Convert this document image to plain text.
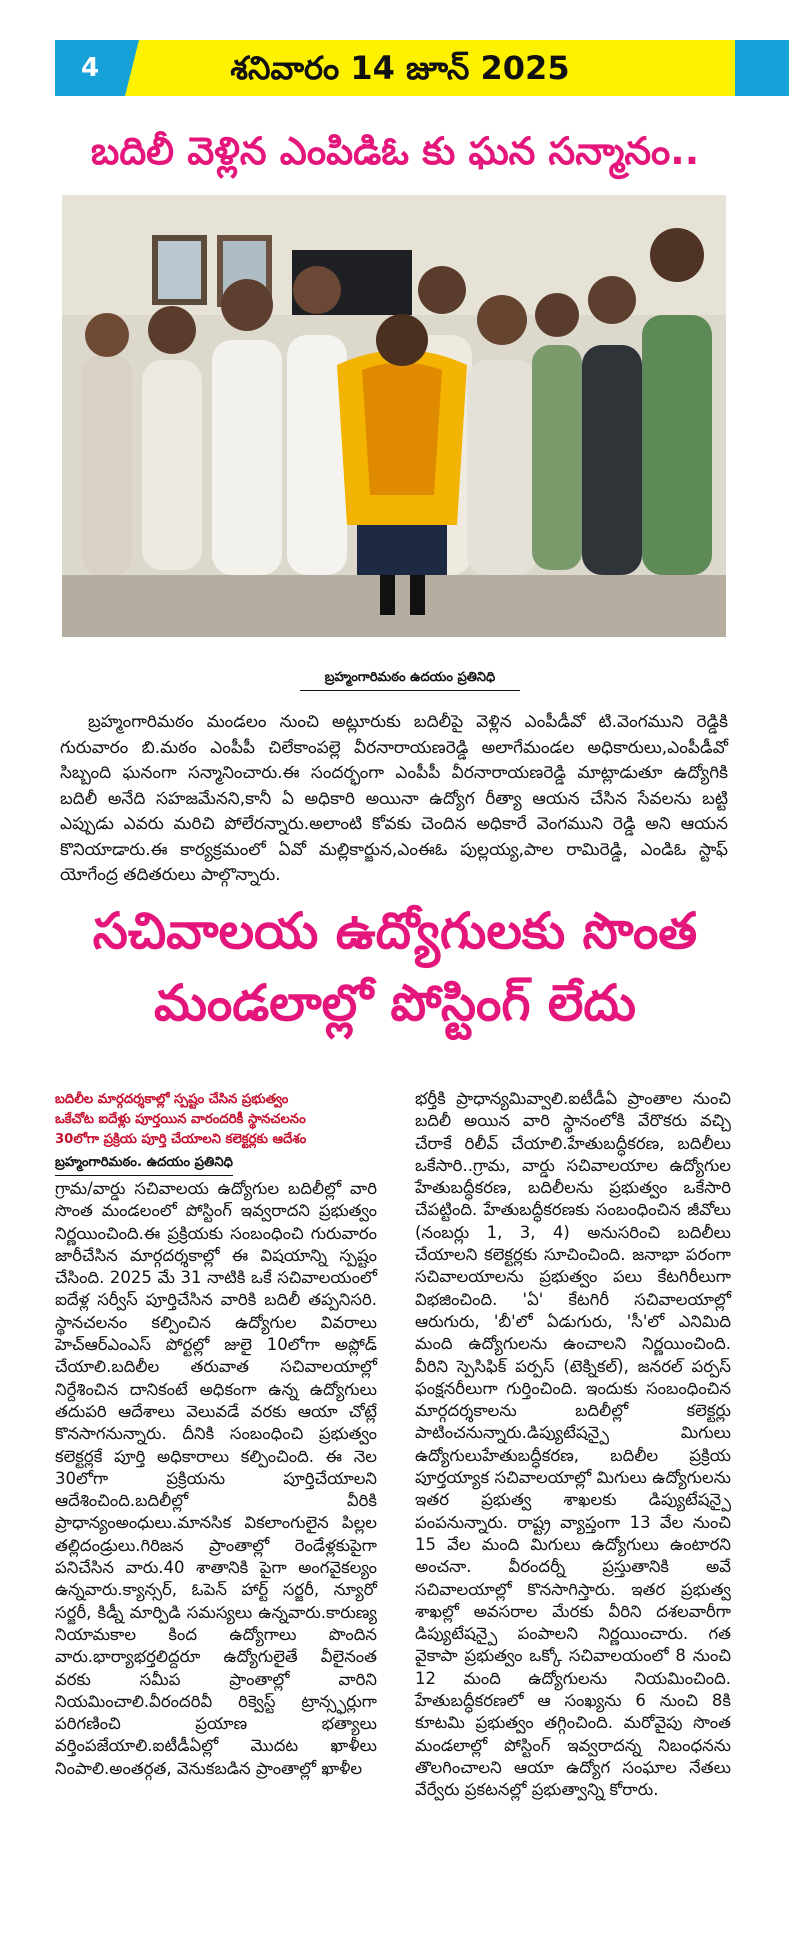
4	శనివారం 14 జూన్ 2025
బదిలీ వెళ్లిన ఎంపిడిఓ కు ఘన సన్మానం..
బ్రహ్మంగారిమఠం ఉదయం ప్రతినిధి

బ్రహ్మంగారిమఠం మండలం నుంచి అట్లూరుకు బదిలీపై వెళ్లిన ఎంపీడీవో టి.వెంగముని రెడ్డికి గురువారం బి.మఠం ఎంపీపీ చిలేకాంపల్లె వీరనారాయణరెడ్డి అలాగేమండల అధికారులు,ఎంపీడీవో సిబ్బంది ఘనంగా సన్మానించారు.ఈ సందర్భంగా ఎంపీపీ వీరనారాయణరెడ్డి మాట్లాడుతూ ఉద్యోగికి బదిలీ అనేది సహజమేనని,కానీ ఏ అధికారి అయినా ఉద్యోగ రీత్యా ఆయన చేసిన సేవలను బట్టి ఎప్పుడు ఎవరు మరిచి పోలేరన్నారు.అలాంటి కోవకు చెందిన అధికారే వెంగముని రెడ్డి అని ఆయన కొనియాడారు.ఈ కార్యక్రమంలో ఏవో మల్లికార్జున,ఎంఈఓ పుల్లయ్య,పాల రామిరెడ్డి, ఎండిఓ స్టాఫ్ యోగేంద్ర తదితరులు పాల్గొన్నారు.

సచివాలయ ఉద్యోగులకు సొంత
మండలాల్లో పోస్టింగ్ లేదు
బదిలీల మార్గదర్శకాల్లో స్పష్టం చేసిన ప్రభుత్వం
ఒకేచోట ఐదేళ్లు పూర్తయిన వారందరికీ స్థానచలనం
30లోగా ప్రక్రియ పూర్తి చేయాలని కలెక్టర్లకు ఆదేశం
బ్రహ్మంగారిమఠం. ఉదయం ప్రతినిధి

గ్రామ/వార్డు సచివాలయ ఉద్యోగుల బదిలీల్లో వారి సొంత మండలంలో పోస్టింగ్ ఇవ్వరాదని ప్రభుత్వం నిర్ణయించింది.ఈ ప్రక్రియకు సంబంధించి గురువారం జారీచేసిన మార్గదర్శకాల్లో ఈ విషయాన్ని స్పష్టం చేసింది. 2025 మే 31 నాటికి ఒకే సచివాలయంలో ఐదేళ్ల సర్వీస్ పూర్తిచేసిన వారికి బదిలీ తప్పనిసరి. స్థానచలనం కల్పించిన ఉద్యోగుల వివరాలు హెచ్ఆర్ఎంఎస్ పోర్టల్లో జులై 10లోగా అప్లోడ్ చేయాలి.బదిలీల తరువాత సచివాలయాల్లో నిర్దేశించిన దానికంటే అధికంగా ఉన్న ఉద్యోగులు తదుపరి ఆదేశాలు వెలువడే వరకు ఆయా చోట్లే కొనసాగనున్నారు. దీనికి సంబంధించి ప్రభుత్వం కలెక్టర్లకే పూర్తి అధికారాలు కల్పించింది. ఈ నెల 30లోగా ప్రక్రియను పూర్తిచేయాలని ఆదేశించింది.బదిలీల్లో వీరికి ప్రాధాన్యంఅంధులు.మానసిక వికలాంగులైన పిల్లల తల్లిదండ్రులు.గిరిజన ప్రాంతాల్లో రెండేళ్లకుపైగా పనిచేసిన వారు.40 శాతానికి పైగా అంగవైకల్యం ఉన్నవారు.క్యాన్సర్, ఓపెన్ హార్ట్ సర్జరీ, న్యూరో సర్జరీ, కిడ్నీ మార్పిడి సమస్యలు ఉన్నవారు.కారుణ్య నియామకాల కింద ఉద్యోగాలు పొందిన వారు.భార్యాభర్తలిద్దరూ ఉద్యోగులైతే వీలైనంత వరకు సమీప ప్రాంతాల్లో వారిని నియమించాలి.వీరందరివీ రిక్వెస్ట్ ట్రాన్స్ఫర్లుగా పరిగణించి ప్రయాణ భత్యాలు వర్తింపజేయాలి.ఐటీడీఏల్లో మొదట ఖాళీలు నింపాలి.అంతర్గత, వెనుకబడిన ప్రాంతాల్లో ఖాళీల

భర్తీకి ప్రాధాన్యమివ్వాలి.ఐటీడీఏ ప్రాంతాల నుంచి బదిలీ అయిన వారి స్థానంలోకి వేరొకరు వచ్చి చేరాకే రిలీవ్ చేయాలి.హేతుబద్ధీకరణ, బదిలీలు ఒకేసారి..గ్రామ, వార్డు సచివాలయాల ఉద్యోగుల హేతుబద్ధీకరణ, బదిలీలను ప్రభుత్వం ఒకేసారి చేపట్టింది. హేతుబద్ధీకరణకు సంబంధించిన జీవోలు (నంబర్లు 1, 3, 4) అనుసరించి బదిలీలు చేయాలని కలెక్టర్లకు సూచించింది. జనాభా పరంగా సచివాలయాలను ప్రభుత్వం పలు కేటగిరీలుగా విభజించింది. 'ఏ' కేటగిరీ సచివాలయాల్లో ఆరుగురు, 'బీ'లో ఏడుగురు, 'సీ'లో ఎనిమిది మంది ఉద్యోగులను ఉంచాలని నిర్ణయించింది. వీరిని స్పెసిఫిక్ పర్పస్ (టెక్నికల్), జనరల్ పర్పస్ ఫంక్షనరీలుగా గుర్తించింది. ఇందుకు సంబంధించిన మార్గదర్శకాలను బదిలీల్లో కలెక్టర్లు పాటించనున్నారు.డిప్యుటేషన్పై మిగులు ఉద్యోగులుహేతుబద్ధీకరణ, బదిలీల ప్రక్రియ పూర్తయ్యాక సచివాలయాల్లో మిగులు ఉద్యోగులను ఇతర ప్రభుత్వ శాఖలకు డిప్యుటేషన్పై పంపనున్నారు. రాష్ట్ర వ్యాప్తంగా 13 వేల నుంచి 15 వేల మంది మిగులు ఉద్యోగులు ఉంటారని అంచనా. వీరందర్నీ ప్రస్తుతానికి అవే సచివాలయాల్లో కొనసాగిస్తారు. ఇతర ప్రభుత్వ శాఖల్లో అవసరాల మేరకు వీరిని దశలవారీగా డిప్యుటేషన్పై పంపాలని నిర్ణయించారు. గత వైకాపా ప్రభుత్వం ఒక్కో సచివాలయంలో 8 నుంచి 12 మంది ఉద్యోగులను నియమించింది. హేతుబద్ధీకరణలో ఆ సంఖ్యను 6 నుంచి 8కి కూటమి ప్రభుత్వం తగ్గించింది. మరోవైపు సొంత మండలాల్లో పోస్టింగ్ ఇవ్వరాదన్న నిబంధనను తొలగించాలని ఆయా ఉద్యోగ సంఘాల నేతలు వేర్వేరు ప్రకటనల్లో ప్రభుత్వాన్ని కోరారు.
